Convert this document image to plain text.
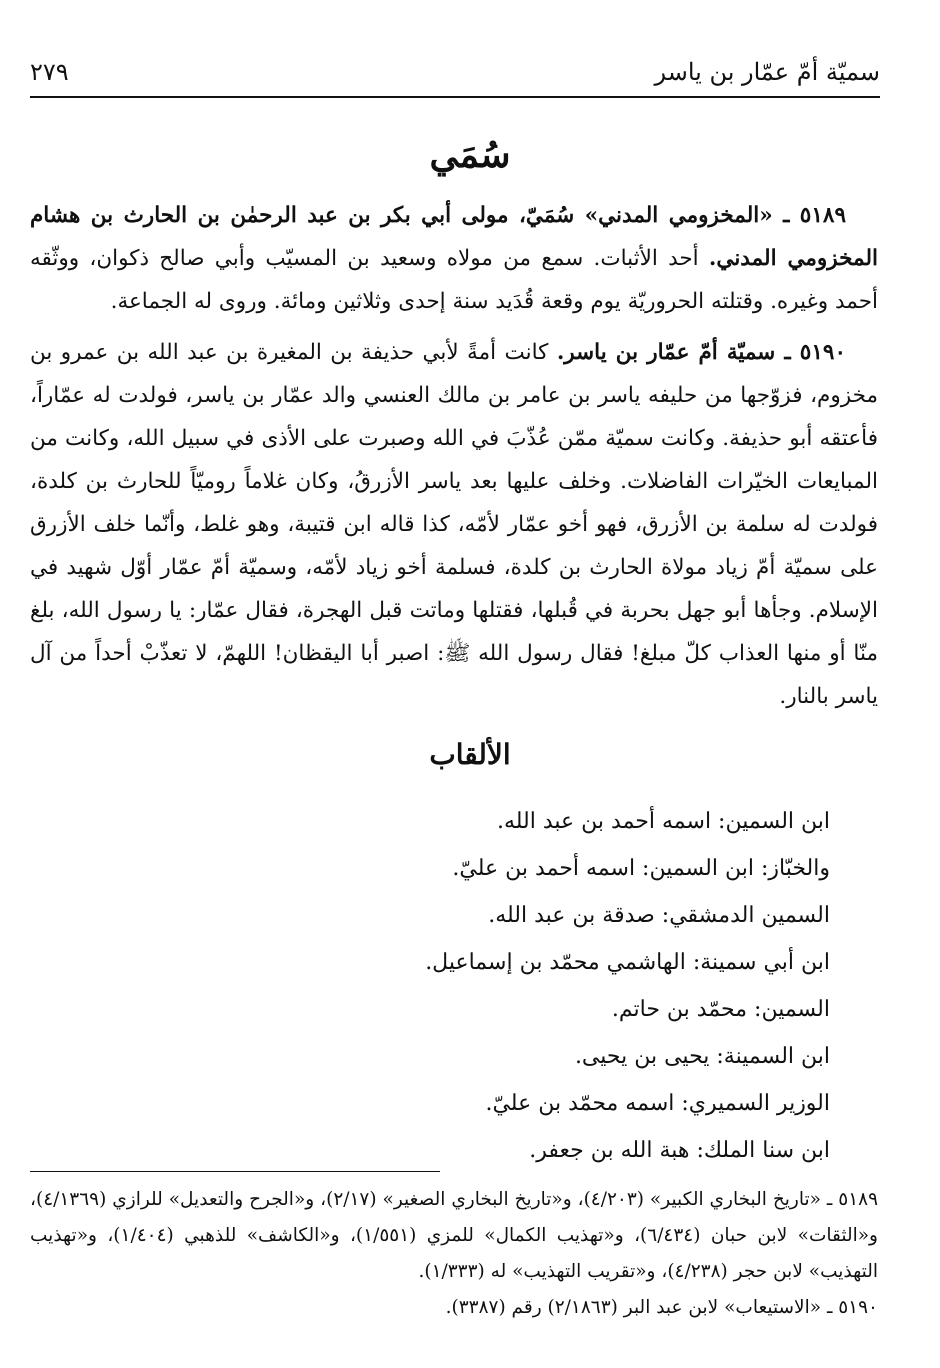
سميّة أمّ عمّار بن ياسر
٢٧٩
سُمَي

٥١٨٩ ـ «المخزومي المدني» سُمَيّ، مولى أبي بكر بن عبد الرحمٰن بن الحارث بن هشام المخزومي المدني. أحد الأثبات. سمع من مولاه وسعيد بن المسيّب وأبي صالح ذكوان، ووثّقه أحمد وغيره. وقتلته الحروريّة يوم وقعة قُدَيد سنة إحدى وثلاثين ومائة. وروى له الجماعة.

٥١٩٠ ـ سميّة أمّ عمّار بن ياسر. كانت أمةً لأبي حذيفة بن المغيرة بن عبد الله بن عمرو بن مخزوم، فزوّجها من حليفه ياسر بن عامر بن مالك العنسي والد عمّار بن ياسر، فولدت له عمّاراً، فأعتقه أبو حذيفة. وكانت سميّة ممّن عُذّبَ في الله وصبرت على الأذى في سبيل الله، وكانت من المبايعات الخيّرات الفاضلات. وخلف عليها بعد ياسر الأزرقُ، وكان غلاماً روميّاً للحارث بن كلدة، فولدت له سلمة بن الأزرق، فهو أخو عمّار لأمّه، كذا قاله ابن قتيبة، وهو غلط، وأنّما خلف الأزرق على سميّة أمّ زياد مولاة الحارث بن كلدة، فسلمة أخو زياد لأمّه، وسميّة أمّ عمّار أوّل شهيد في الإسلام. وجأها أبو جهل بحربة في قُبلها، فقتلها وماتت قبل الهجرة، فقال عمّار: يا رسول الله، بلغ منّا أو منها العذاب كلّ مبلغ! فقال رسول الله ﷺ: اصبر أبا اليقظان! اللهمّ، لا تعذّبْ أحداً من آل ياسر بالنار.

الألقاب
ابن السمين: اسمه أحمد بن عبد الله.
والخبّاز: ابن السمين: اسمه أحمد بن عليّ.
السمين الدمشقي: صدقة بن عبد الله.
ابن أبي سمينة: الهاشمي محمّد بن إسماعيل.
السمين: محمّد بن حاتم.
ابن السمينة: يحيى بن يحيى.
الوزير السميري: اسمه محمّد بن عليّ.
ابن سنا الملك: هبة الله بن جعفر.

٥١٨٩ ـ «تاريخ البخاري الكبير» (٤/٢٠٣)، و«تاريخ البخاري الصغير» (٢/١٧)، و«الجرح والتعديل» للرازي (٤/١٣٦٩)، و«الثقات» لابن حبان (٦/٤٣٤)، و«تهذيب الكمال» للمزي (١/٥٥١)، و«الكاشف» للذهبي (١/٤٠٤)، و«تهذيب التهذيب» لابن حجر (٤/٢٣٨)، و«تقريب التهذيب» له (١/٣٣٣).

٥١٩٠ ـ «الاستيعاب» لابن عبد البر (٢/١٨٦٣) رقم (٣٣٨٧).
